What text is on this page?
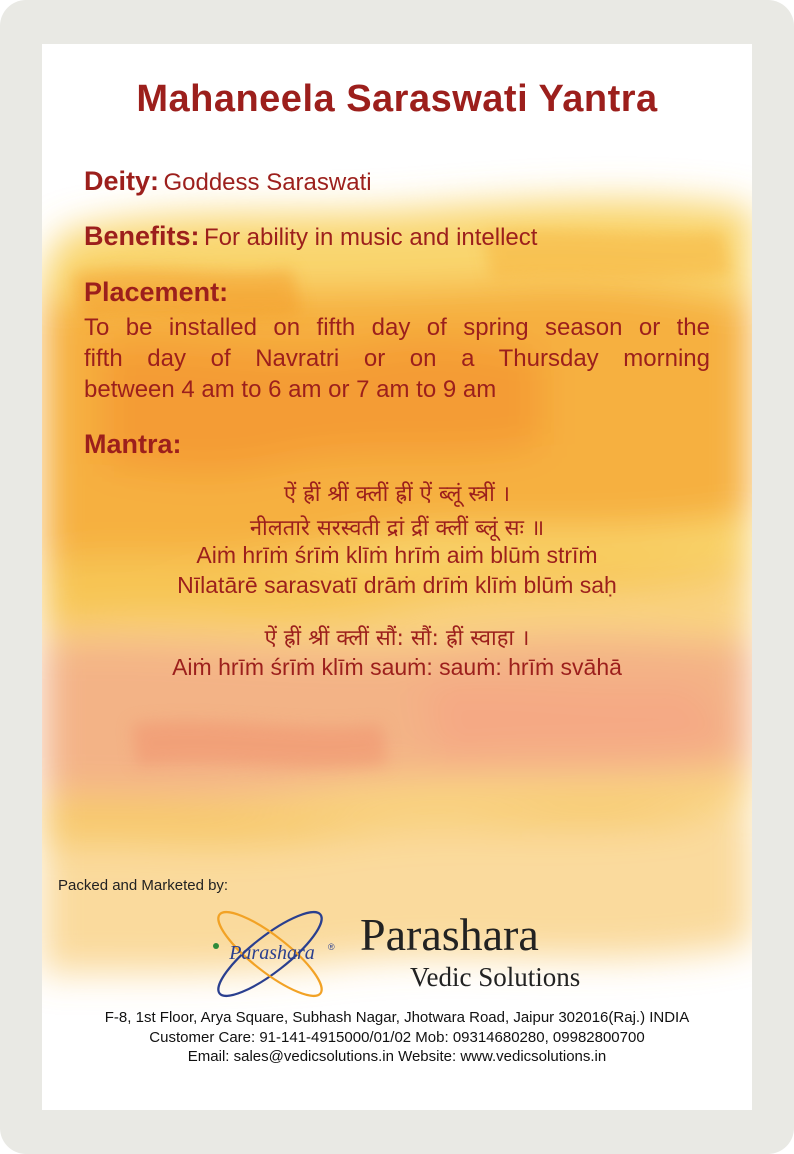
Mahaneela Saraswati Yantra
Deity: Goddess Saraswati
Benefits: For ability in music and intellect
Placement:
To be installed on fifth day of spring season or the
fifth day of Navratri or on a Thursday morning
between 4 am to 6 am or 7 am to 9 am
Mantra:
ऐं ह्रीं श्रीं क्लीं ह्रीं ऐं ब्लूं स्त्रीं ।
नीलतारे सरस्वती द्रां द्रीं क्लीं ब्लूं सः ॥
Aiṁ hrīṁ śrīṁ klīṁ hrīṁ aiṁ blūṁ strīṁ
Nīlatārē sarasvatī drāṁ drīṁ klīṁ blūṁ saḥ
ऐं ह्रीं श्रीं क्लीं सौं: सौं: ह्रीं स्वाहा ।
Aiṁ hrīṁ śrīṁ klīṁ sauṁ: sauṁ: hrīṁ svāhā
Packed and Marketed by:
Parashara ® Parashara
Vedic Solutions
F-8, 1st Floor, Arya Square, Subhash Nagar, Jhotwara Road, Jaipur 302016(Raj.) INDIA
Customer Care: 91-141-4915000/01/02 Mob: 09314680280, 09982800700
Email: sales@vedicsolutions.in Website: www.vedicsolutions.in
